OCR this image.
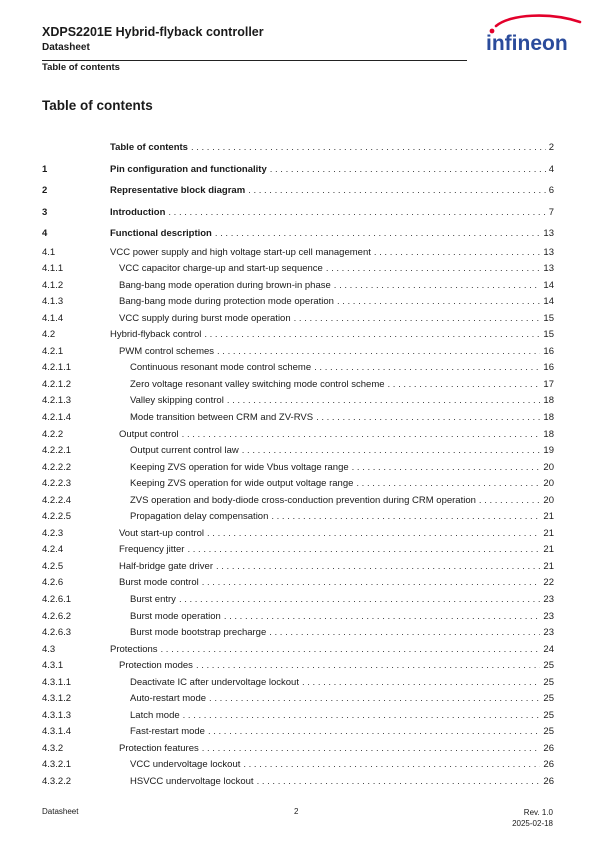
XDPS2201E Hybrid-flyback controller
Datasheet
Table of contents
infineon
Table of contents
Table of contents . . .	2
1	Pin configuration and functionality . . .	4
2	Representative block diagram . . .	6
3	Introduction . . .	7
4	Functional description . . .	13
4.1	VCC power supply and high voltage start-up cell management . . .	13
4.1.1	VCC capacitor charge-up and start-up sequence . . .	13
4.1.2	Bang-bang mode operation during brown-in phase . . .	14
4.1.3	Bang-bang mode during protection mode operation . . .	14
4.1.4	VCC supply during burst mode operation . . .	15
4.2	Hybrid-flyback control . . .	15
4.2.1	PWM control schemes . . .	16
4.2.1.1	Continuous resonant mode control scheme . . .	16
4.2.1.2	Zero voltage resonant valley switching mode control scheme . . .	17
4.2.1.3	Valley skipping control . . .	18
4.2.1.4	Mode transition between CRM and ZV-RVS . . .	18
4.2.2	Output control . . .	18
4.2.2.1	Output current control law . . .	19
4.2.2.2	Keeping ZVS operation for wide Vbus voltage range . . .	20
4.2.2.3	Keeping ZVS operation for wide output voltage range . . .	20
4.2.2.4	ZVS operation and body-diode cross-conduction prevention during CRM operation . . .	20
4.2.2.5	Propagation delay compensation . . .	21
4.2.3	Vout start-up control . . .	21
4.2.4	Frequency jitter . . .	21
4.2.5	Half-bridge gate driver . . .	21
4.2.6	Burst mode control . . .	22
4.2.6.1	Burst entry . . .	23
4.2.6.2	Burst mode operation . . .	23
4.2.6.3	Burst mode bootstrap precharge . . .	23
4.3	Protections . . .	24
4.3.1	Protection modes . . .	25
4.3.1.1	Deactivate IC after undervoltage lockout . . .	25
4.3.1.2	Auto-restart mode . . .	25
4.3.1.3	Latch mode . . .	25
4.3.1.4	Fast-restart mode . . .	25
4.3.2	Protection features . . .	26
4.3.2.1	VCC undervoltage lockout . . .	26
4.3.2.2	HSVCC undervoltage lockout . . .	26
Datasheet	2	Rev. 1.0
2025-02-18
